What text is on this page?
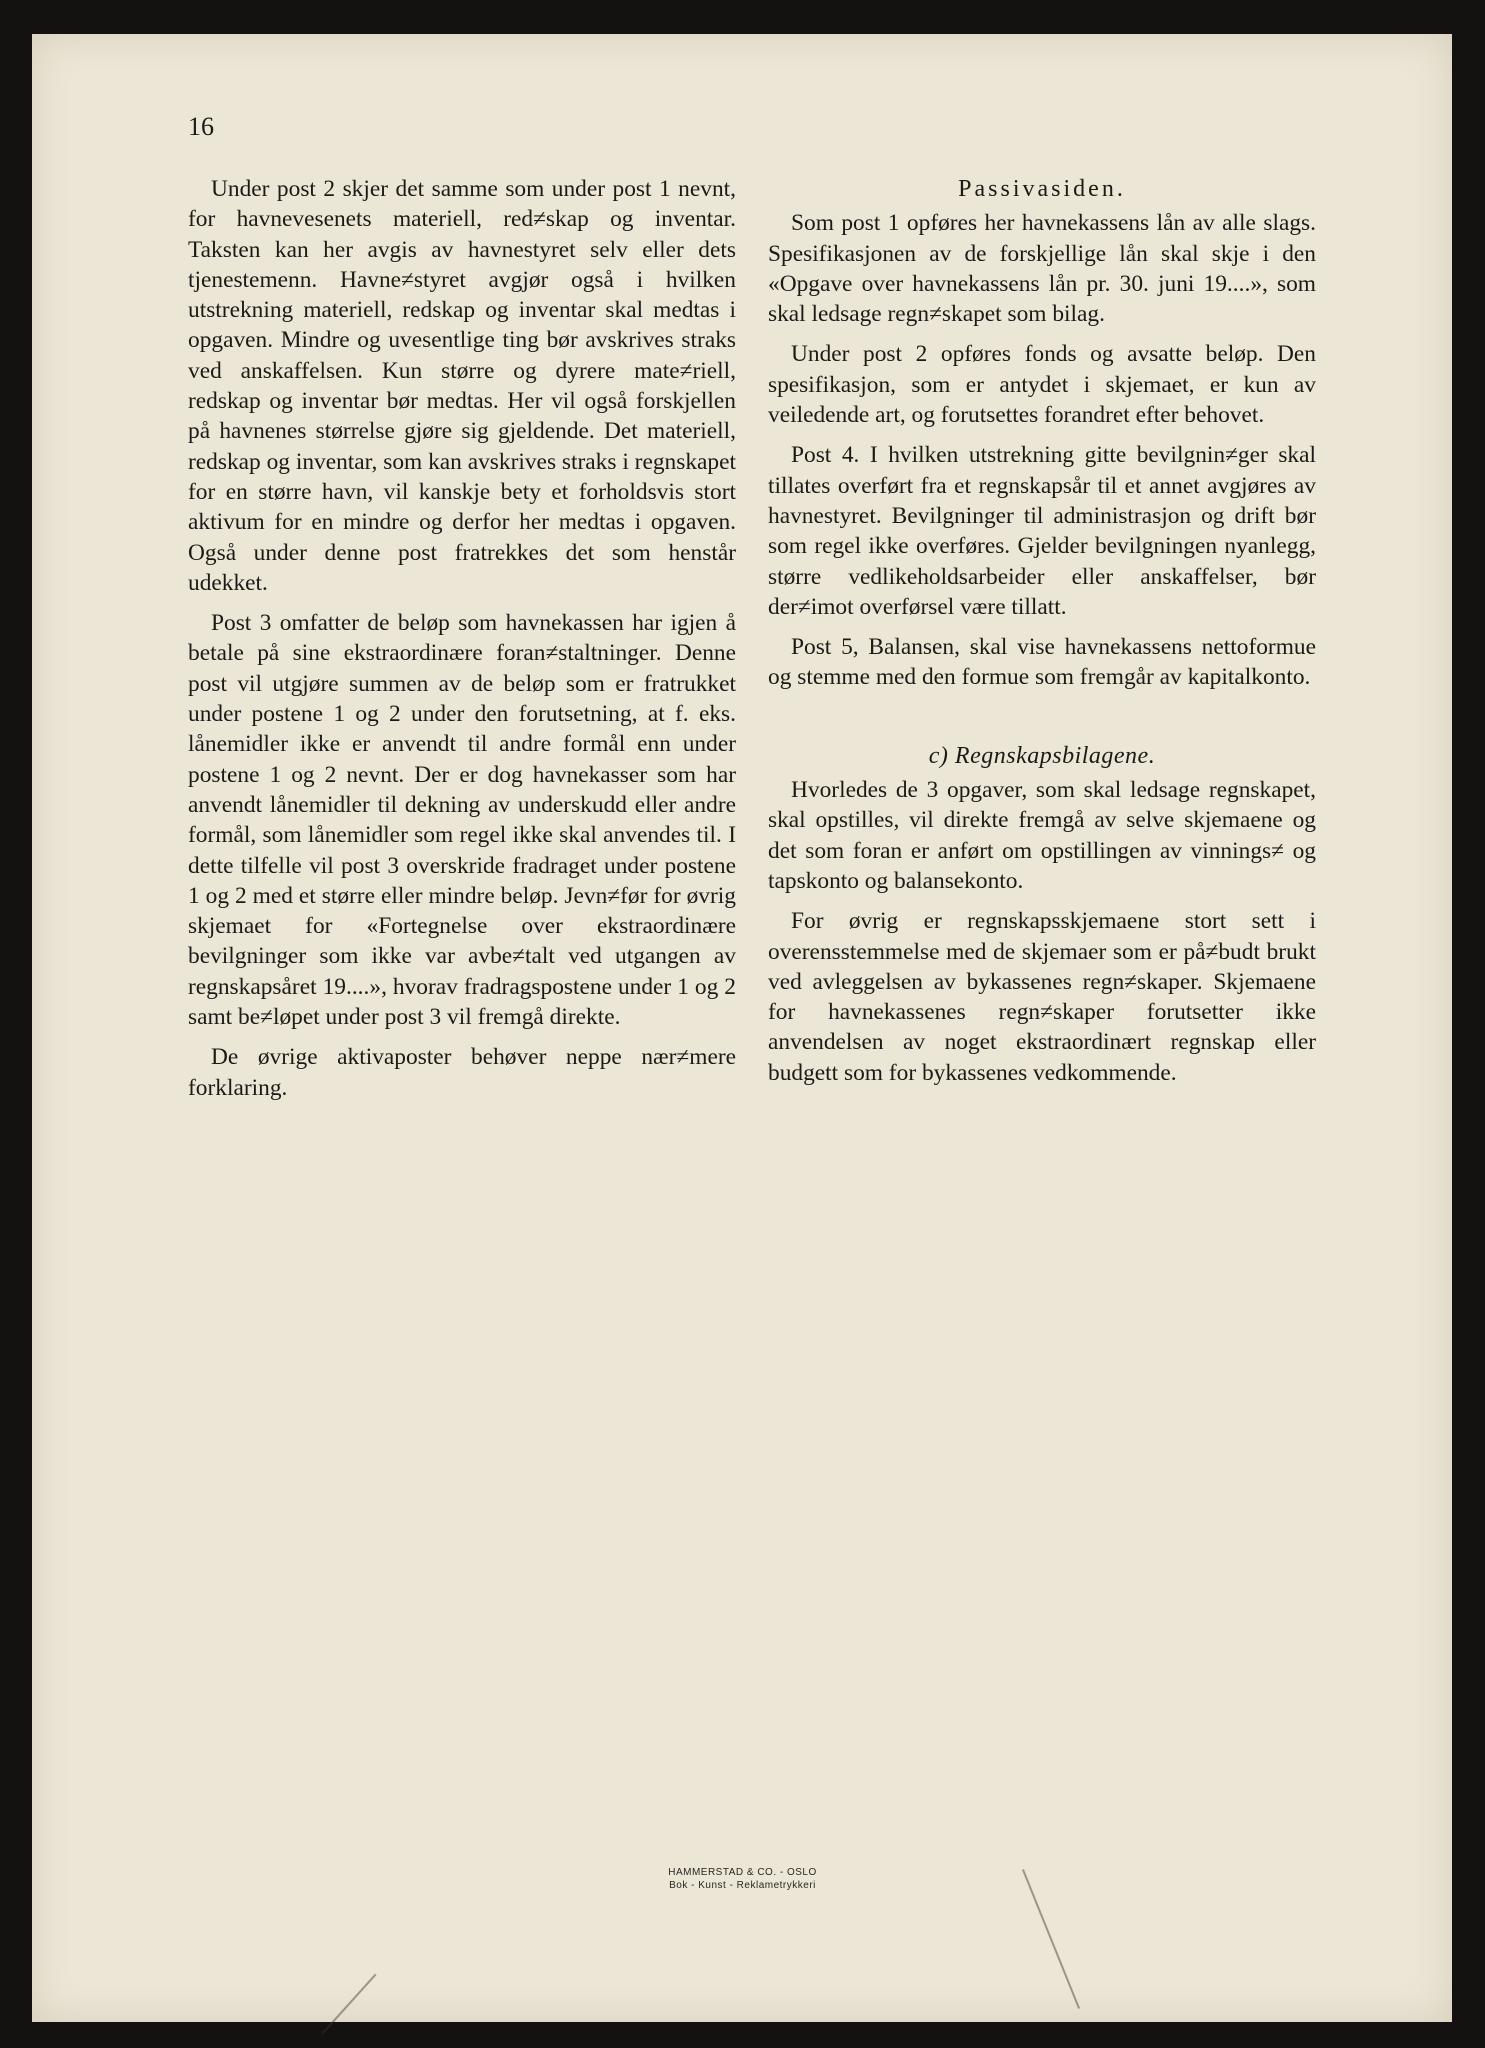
16

Under post 2 skjer det samme som under post 1 nevnt, for havnevesenets materiell, red≠skap og inventar. Taksten kan her avgis av havnestyret selv eller dets tjenestemenn. Havne≠styret avgjør også i hvilken utstrekning materiell, redskap og inventar skal medtas i opgaven. Mindre og uvesentlige ting bør avskrives straks ved anskaffelsen. Kun større og dyrere mate≠riell, redskap og inventar bør medtas. Her vil også forskjellen på havnenes størrelse gjøre sig gjeldende. Det materiell, redskap og inventar, som kan avskrives straks i regnskapet for en større havn, vil kanskje bety et forholdsvis stort aktivum for en mindre og derfor her medtas i opgaven. Også under denne post fratrekkes det som henstår udekket.

Post 3 omfatter de beløp som havnekassen har igjen å betale på sine ekstraordinære foran≠staltninger. Denne post vil utgjøre summen av de beløp som er fratrukket under postene 1 og 2 under den forutsetning, at f. eks. lånemidler ikke er anvendt til andre formål enn under postene 1 og 2 nevnt. Der er dog havnekasser som har anvendt lånemidler til dekning av underskudd eller andre formål, som lånemidler som regel ikke skal anvendes til. I dette tilfelle vil post 3 overskride fradraget under postene 1 og 2 med et større eller mindre beløp. Jevn≠før for øvrig skjemaet for «Fortegnelse over ekstraordinære bevilgninger som ikke var avbe≠talt ved utgangen av regnskapsåret 19....», hvorav fradragspostene under 1 og 2 samt be≠løpet under post 3 vil fremgå direkte.

De øvrige aktivaposter behøver neppe nær≠mere forklaring.

Passivasiden.

Som post 1 opføres her havnekassens lån av alle slags. Spesifikasjonen av de forskjellige lån skal skje i den «Opgave over havnekassens lån pr. 30. juni 19....», som skal ledsage regn≠skapet som bilag.

Under post 2 opføres fonds og avsatte beløp. Den spesifikasjon, som er antydet i skjemaet, er kun av veiledende art, og forutsettes forandret efter behovet.

Post 4. I hvilken utstrekning gitte bevilgnin≠ger skal tillates overført fra et regnskapsår til et annet avgjøres av havnestyret. Bevilgninger til administrasjon og drift bør som regel ikke overføres. Gjelder bevilgningen nyanlegg, større vedlikeholdsarbeider eller anskaffelser, bør der≠imot overførsel være tillatt.

Post 5, Balansen, skal vise havnekassens nettoformue og stemme med den formue som fremgår av kapitalkonto.

c) Regnskapsbilagene.

Hvorledes de 3 opgaver, som skal ledsage regnskapet, skal opstilles, vil direkte fremgå av selve skjemaene og det som foran er anført om opstillingen av vinnings≠ og tapskonto og balansekonto.

For øvrig er regnskapsskjemaene stort sett i overensstemmelse med de skjemaer som er på≠budt brukt ved avleggelsen av bykassenes regn≠skaper. Skjemaene for havnekassenes regn≠skaper forutsetter ikke anvendelsen av noget ekstraordinært regnskap eller budgett som for bykassenes vedkommende.

HAMMERSTAD & CO. - OSLO
Bok - Kunst - Reklametrykkeri
